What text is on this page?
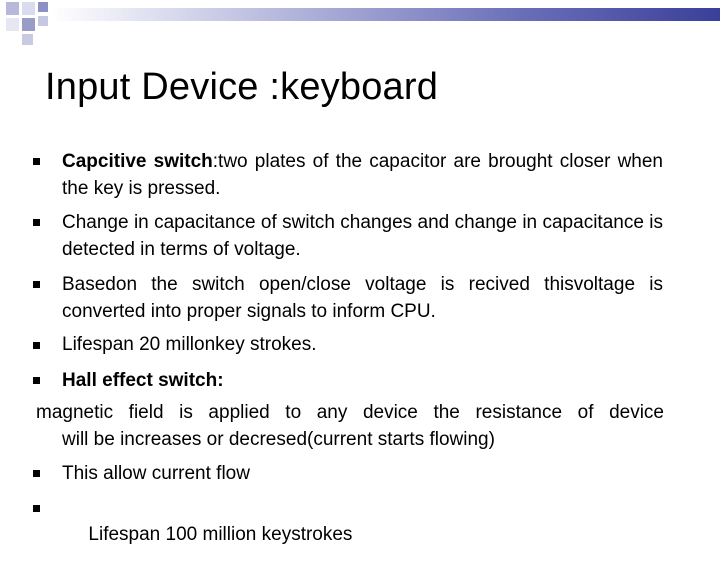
Input Device :keyboard
Capcitive switch:two plates of the capacitor are brought closer when the key is pressed.
Change in capacitance of switch changes and change in capacitance is detected in terms of voltage.
Basedon the switch open/close voltage is recived thisvoltage is converted into proper signals to inform CPU.
Lifespan 20 millonkey strokes.
Hall effect switch:
magnetic field is applied to any device the resistance of device
will be increases or decresed(current starts flowing)
This allow current flow

Lifespan 100 million keystrokes
